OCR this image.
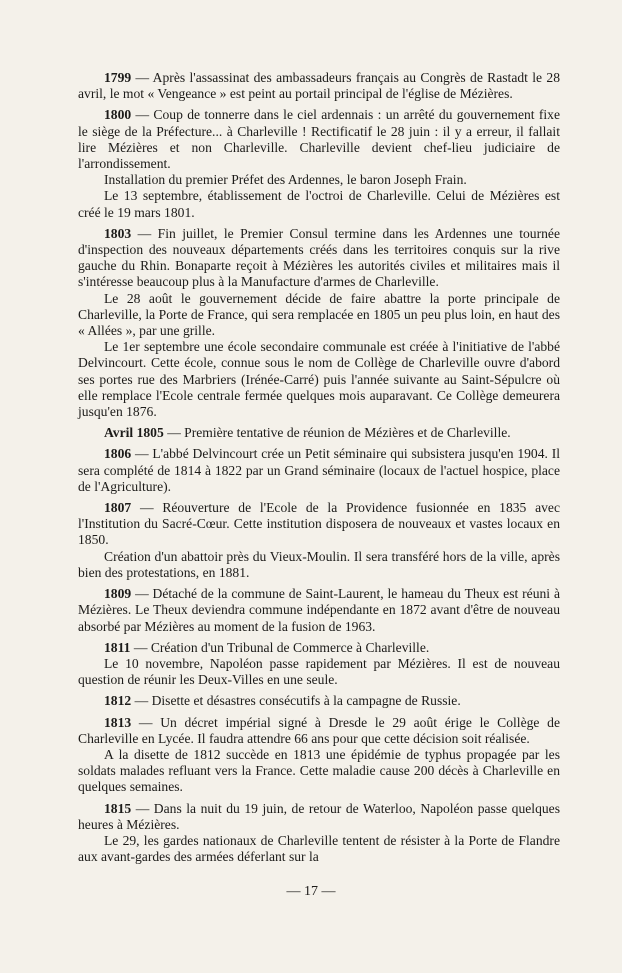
1799 — Après l'assassinat des ambassadeurs français au Congrès de Rastadt le 28 avril, le mot « Vengeance » est peint au portail principal de l'église de Mézières.

1800 — Coup de tonnerre dans le ciel ardennais : un arrêté du gouvernement fixe le siège de la Préfecture... à Charleville ! Rectificatif le 28 juin : il y a erreur, il fallait lire Mézières et non Charleville. Charleville devient chef-lieu judiciaire de l'arrondissement.

Installation du premier Préfet des Ardennes, le baron Joseph Frain.

Le 13 septembre, établissement de l'octroi de Charleville. Celui de Mézières est créé le 19 mars 1801.

1803 — Fin juillet, le Premier Consul termine dans les Ardennes une tournée d'inspection des nouveaux départements créés dans les territoires conquis sur la rive gauche du Rhin. Bonaparte reçoit à Mézières les autorités civiles et militaires mais il s'intéresse beaucoup plus à la Manufacture d'armes de Charleville.

Le 28 août le gouvernement décide de faire abattre la porte principale de Charleville, la Porte de France, qui sera remplacée en 1805 un peu plus loin, en haut des « Allées », par une grille.

Le 1er septembre une école secondaire communale est créée à l'initiative de l'abbé Delvincourt. Cette école, connue sous le nom de Collège de Charleville ouvre d'abord ses portes rue des Marbriers (Irénée-Carré) puis l'année suivante au Saint-Sépulcre où elle remplace l'Ecole centrale fermée quelques mois auparavant. Ce Collège demeurera jusqu'en 1876.

Avril 1805 — Première tentative de réunion de Mézières et de Charleville.

1806 — L'abbé Delvincourt crée un Petit séminaire qui subsistera jusqu'en 1904. Il sera complété de 1814 à 1822 par un Grand séminaire (locaux de l'actuel hospice, place de l'Agriculture).

1807 — Réouverture de l'Ecole de la Providence fusionnée en 1835 avec l'Institution du Sacré-Cœur. Cette institution disposera de nouveaux et vastes locaux en 1850.

Création d'un abattoir près du Vieux-Moulin. Il sera transféré hors de la ville, après bien des protestations, en 1881.

1809 — Détaché de la commune de Saint-Laurent, le hameau du Theux est réuni à Mézières. Le Theux deviendra commune indépendante en 1872 avant d'être de nouveau absorbé par Mézières au moment de la fusion de 1963.

1811 — Création d'un Tribunal de Commerce à Charleville.

Le 10 novembre, Napoléon passe rapidement par Mézières. Il est de nouveau question de réunir les Deux-Villes en une seule.

1812 — Disette et désastres consécutifs à la campagne de Russie.

1813 — Un décret impérial signé à Dresde le 29 août érige le Collège de Charleville en Lycée. Il faudra attendre 66 ans pour que cette décision soit réalisée.

A la disette de 1812 succède en 1813 une épidémie de typhus propagée par les soldats malades refluant vers la France. Cette maladie cause 200 décès à Charleville en quelques semaines.

1815 — Dans la nuit du 19 juin, de retour de Waterloo, Napoléon passe quelques heures à Mézières.

Le 29, les gardes nationaux de Charleville tentent de résister à la Porte de Flandre aux avant-gardes des armées déferlant sur la

— 17 —
